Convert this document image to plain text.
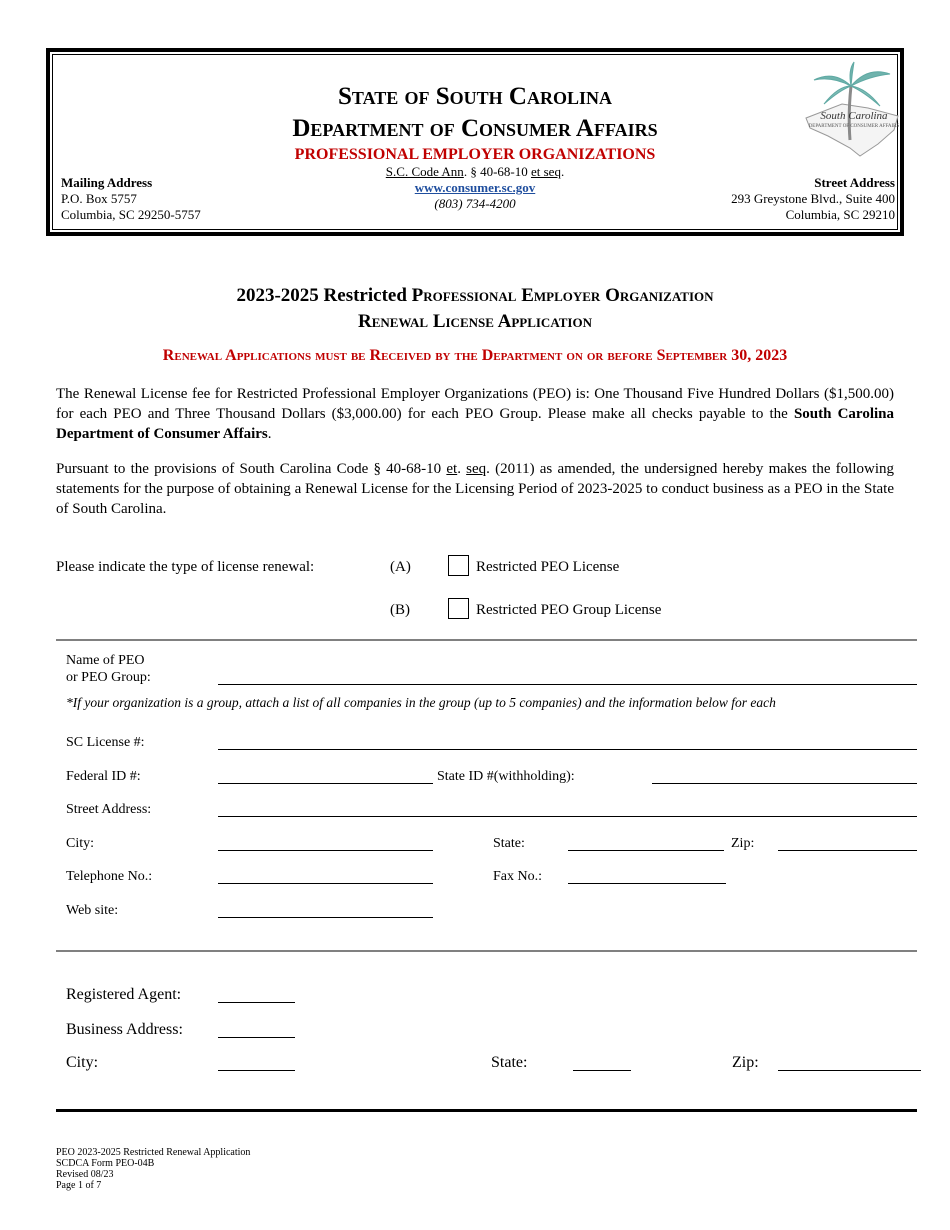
State of South Carolina
Department of Consumer Affairs
PROFESSIONAL EMPLOYER ORGANIZATIONS
S.C. Code Ann. § 40-68-10 et seq.
www.consumer.sc.gov
(803) 734-4200
Mailing Address
P.O. Box 5757
Columbia, SC 29250-5757
Street Address
293 Greystone Blvd., Suite 400
Columbia, SC 29210
South Carolina
DEPARTMENT OF CONSUMER AFFAIRS
2023-2025 Restricted Professional Employer Organization
Renewal License Application
Renewal Applications must be Received by the Department on or before September 30, 2023
The Renewal License fee for Restricted Professional Employer Organizations (PEO) is: One Thousand Five Hundred Dollars ($1,500.00) for each PEO and Three Thousand Dollars ($3,000.00) for each PEO Group. Please make all checks payable to the South Carolina Department of Consumer Affairs.
Pursuant to the provisions of South Carolina Code § 40-68-10 et. seq. (2011) as amended, the undersigned hereby makes the following statements for the purpose of obtaining a Renewal License for the Licensing Period of 2023-2025 to conduct business as a PEO in the State of South Carolina.
Please indicate the type of license renewal:	(A)	Restricted PEO License
(B)	Restricted PEO Group License
Name of PEO
or PEO Group:
*If your organization is a group, attach a list of all companies in the group (up to 5 companies) and the information below for each
SC License #:
Federal ID #:	State ID #(withholding):
Street Address:
City:	State:	Zip:
Telephone No.:	Fax No.:
Web site:
Registered Agent:
Business Address:
City:	State:	Zip:
PEO 2023-2025 Restricted Renewal Application
SCDCA Form PEO-04B
Revised 08/23
Page 1 of 7
